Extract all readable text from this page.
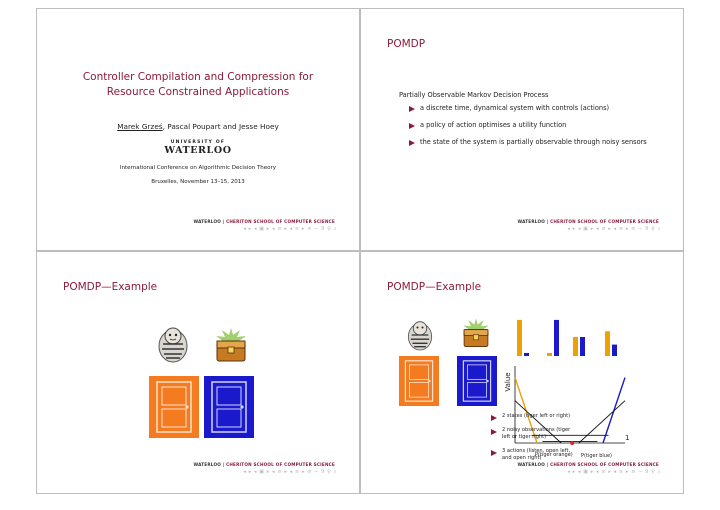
Controller Compilation and Compression for
Resource Constrained Applications
Marek Grześ, Pascal Poupart and Jesse Hoey
UNIVERSITY OF
WATERLOO
International Conference on Algorithmic Decision Theory
Bruxelles, November 13–15, 2013
WATERLOO | CHERITON SCHOOL OF COMPUTER SCIENCE
◂ ▸ ◂ ▣ ▸ ◂ ≡ ▸ ◂ ≡ ▸ ≡ ∽ 9 ♀ ⌕
POMDP
Partially Observable Markov Decision Process
a discrete time, dynamical system with controls (actions)
a policy of action optimises a utility function
the state of the system is partially observable through noisy sensors
WATERLOO | CHERITON SCHOOL OF COMPUTER SCIENCE
◂ ▸ ◂ ▣ ▸ ◂ ≡ ▸ ◂ ≡ ▸ ≡ ∽ 9 ♀ ⌕
POMDP—Example
WATERLOO | CHERITON SCHOOL OF COMPUTER SCIENCE
◂ ▸ ◂ ▣ ▸ ◂ ≡ ▸ ◂ ≡ ▸ ≡ ∽ 9 ♀ ⌕
POMDP—Example
Value
1
P(tiger orange) P(tiger blue)
2 states (tiger left or right)
2 noisy observations (tiger left or tiger right)
3 actions (listen, open left, and open right)
WATERLOO | CHERITON SCHOOL OF COMPUTER SCIENCE
◂ ▸ ◂ ▣ ▸ ◂ ≡ ▸ ◂ ≡ ▸ ≡ ∽ 9 ♀ ⌕
